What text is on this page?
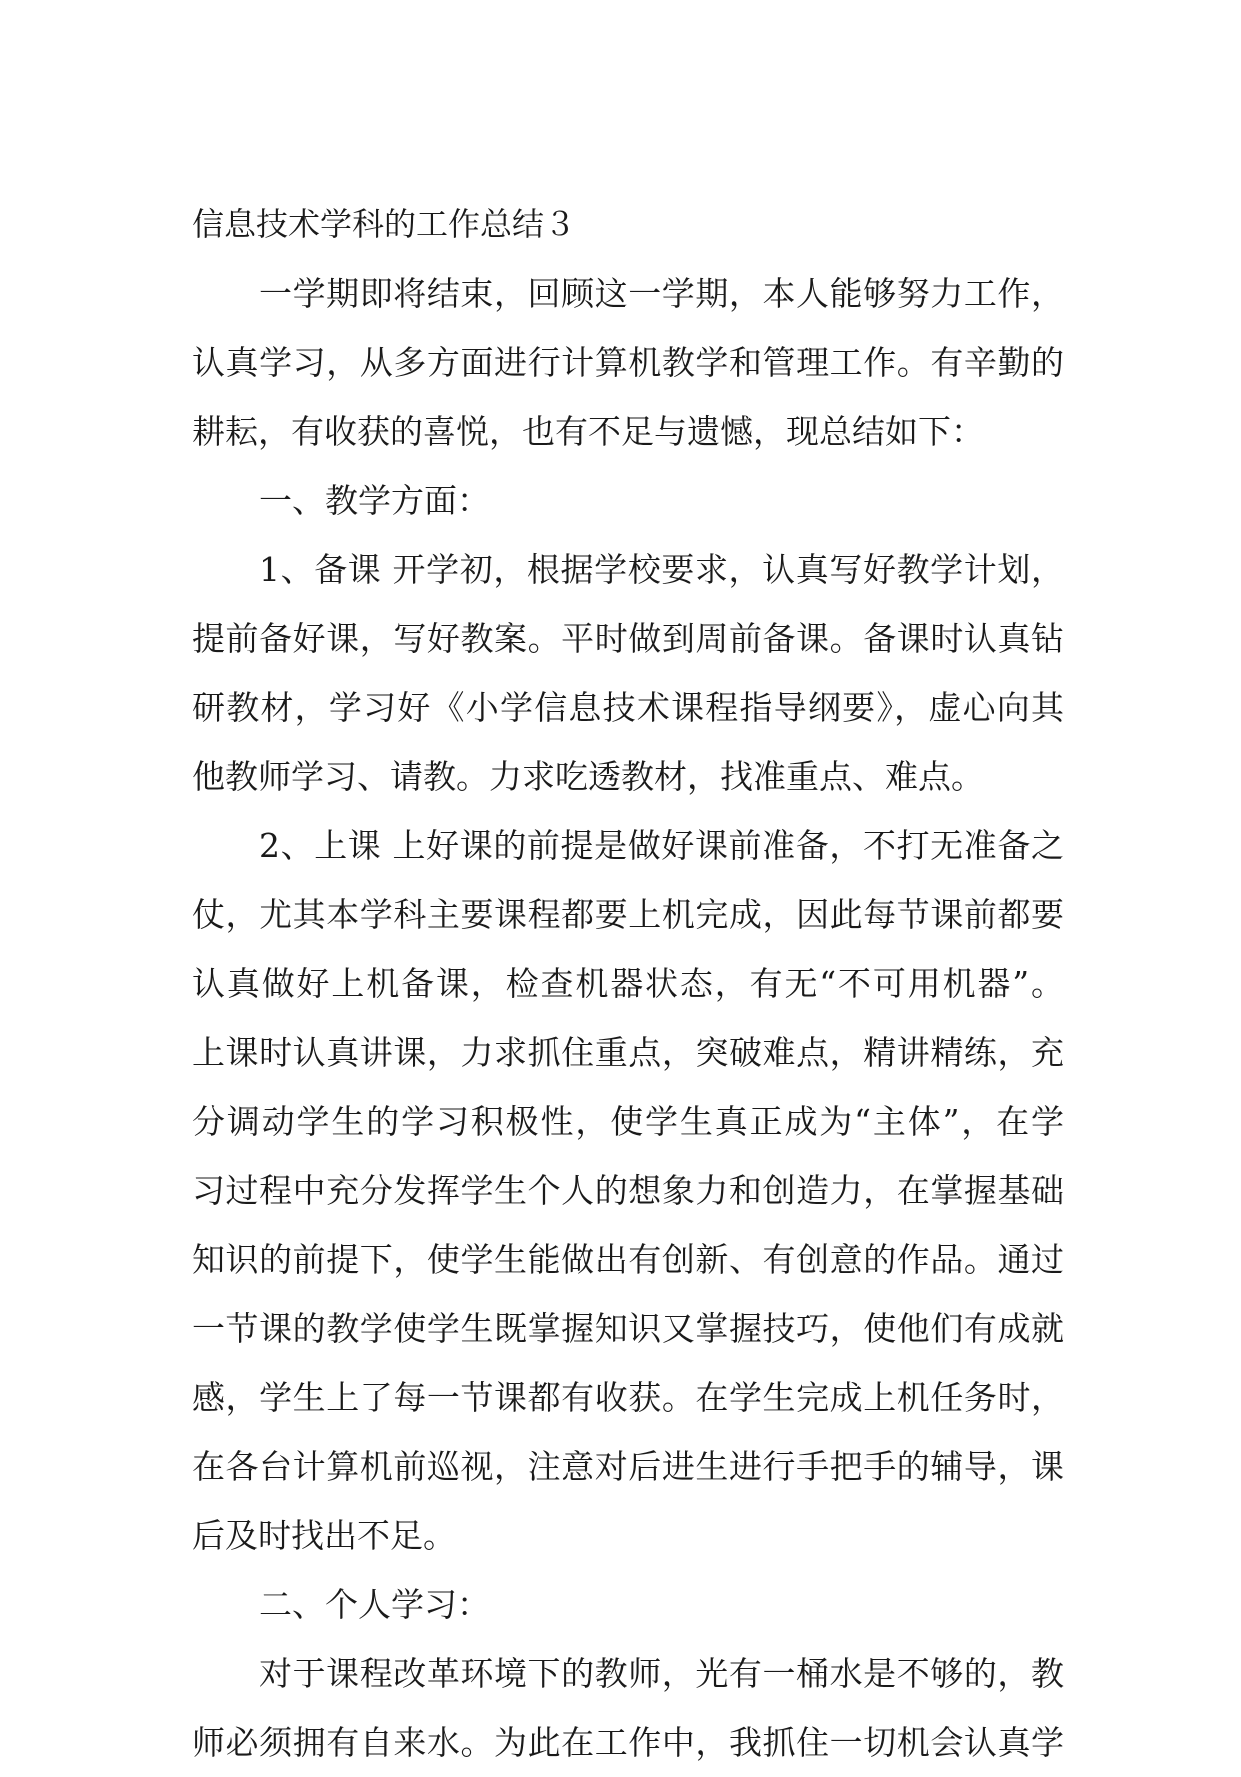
信息技术学科的工作总结３
一学期即将结束，回顾这一学期，本人能够努力工作，
认真学习，从多方面进行计算机教学和管理工作。有辛勤的
耕耘，有收获的喜悦，也有不足与遗憾，现总结如下：
一、教学方面：
1、备课 开学初，根据学校要求，认真写好教学计划，
提前备好课，写好教案。平时做到周前备课。备课时认真钻
研教材，学习好《小学信息技术课程指导纲要》，虚心向其
他教师学习、请教。力求吃透教材，找准重点、难点。
2、上课 上好课的前提是做好课前准备，不打无准备之
仗，尤其本学科主要课程都要上机完成，因此每节课前都要
认真做好上机备课，检查机器状态，有无“不可用机器”。
上课时认真讲课，力求抓住重点，突破难点，精讲精练，充
分调动学生的学习积极性，使学生真正成为“主体”，在学
习过程中充分发挥学生个人的想象力和创造力，在掌握基础
知识的前提下，使学生能做出有创新、有创意的作品。通过
一节课的教学使学生既掌握知识又掌握技巧，使他们有成就
感，学生上了每一节课都有收获。在学生完成上机任务时，
在各台计算机前巡视，注意对后进生进行手把手的辅导，课
后及时找出不足。
二、个人学习：
对于课程改革环境下的教师，光有一桶水是不够的，教
师必须拥有自来水。为此在工作中，我抓住一切机会认真学
